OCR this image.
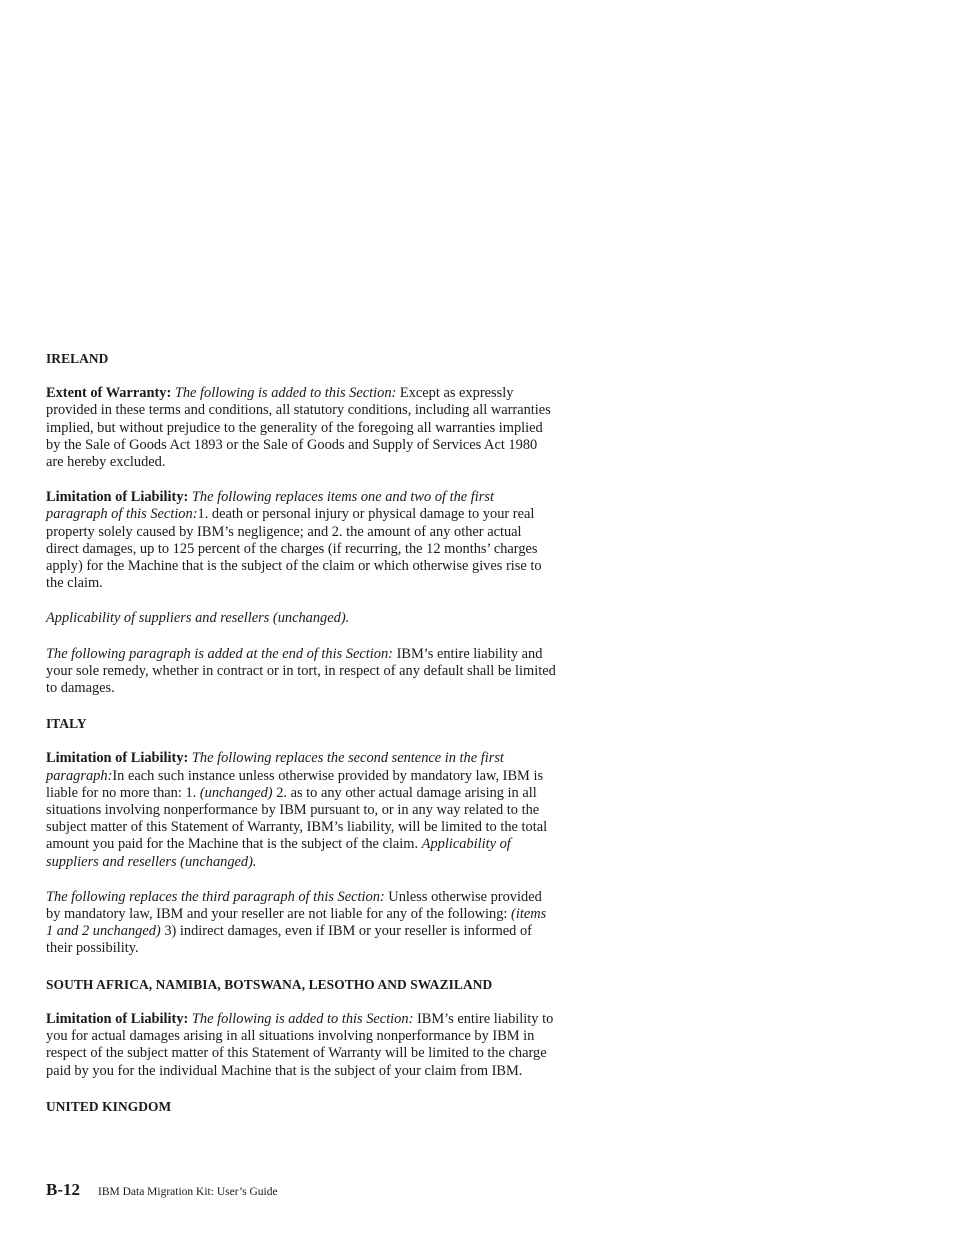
IRELAND

Extent of Warranty: The following is added to this Section: Except as expressly provided in these terms and conditions, all statutory conditions, including all warranties implied, but without prejudice to the generality of the foregoing all warranties implied by the Sale of Goods Act 1893 or the Sale of Goods and Supply of Services Act 1980 are hereby excluded.

Limitation of Liability: The following replaces items one and two of the first paragraph of this Section:1. death or personal injury or physical damage to your real property solely caused by IBM’s negligence; and 2. the amount of any other actual direct damages, up to 125 percent of the charges (if recurring, the 12 months’ charges apply) for the Machine that is the subject of the claim or which otherwise gives rise to the claim.

Applicability of suppliers and resellers (unchanged).

The following paragraph is added at the end of this Section: IBM’s entire liability and your sole remedy, whether in contract or in tort, in respect of any default shall be limited to damages.

ITALY

Limitation of Liability: The following replaces the second sentence in the first paragraph:In each such instance unless otherwise provided by mandatory law, IBM is liable for no more than: 1. (unchanged) 2. as to any other actual damage arising in all situations involving nonperformance by IBM pursuant to, or in any way related to the subject matter of this Statement of Warranty, IBM’s liability, will be limited to the total amount you paid for the Machine that is the subject of the claim. Applicability of suppliers and resellers (unchanged).

The following replaces the third paragraph of this Section: Unless otherwise provided by mandatory law, IBM and your reseller are not liable for any of the following: (items 1 and 2 unchanged) 3) indirect damages, even if IBM or your reseller is informed of their possibility.

SOUTH AFRICA, NAMIBIA, BOTSWANA, LESOTHO AND SWAZILAND

Limitation of Liability: The following is added to this Section: IBM’s entire liability to you for actual damages arising in all situations involving nonperformance by IBM in respect of the subject matter of this Statement of Warranty will be limited to the charge paid by you for the individual Machine that is the subject of your claim from IBM.

UNITED KINGDOM
B-12 IBM Data Migration Kit: User’s Guide
